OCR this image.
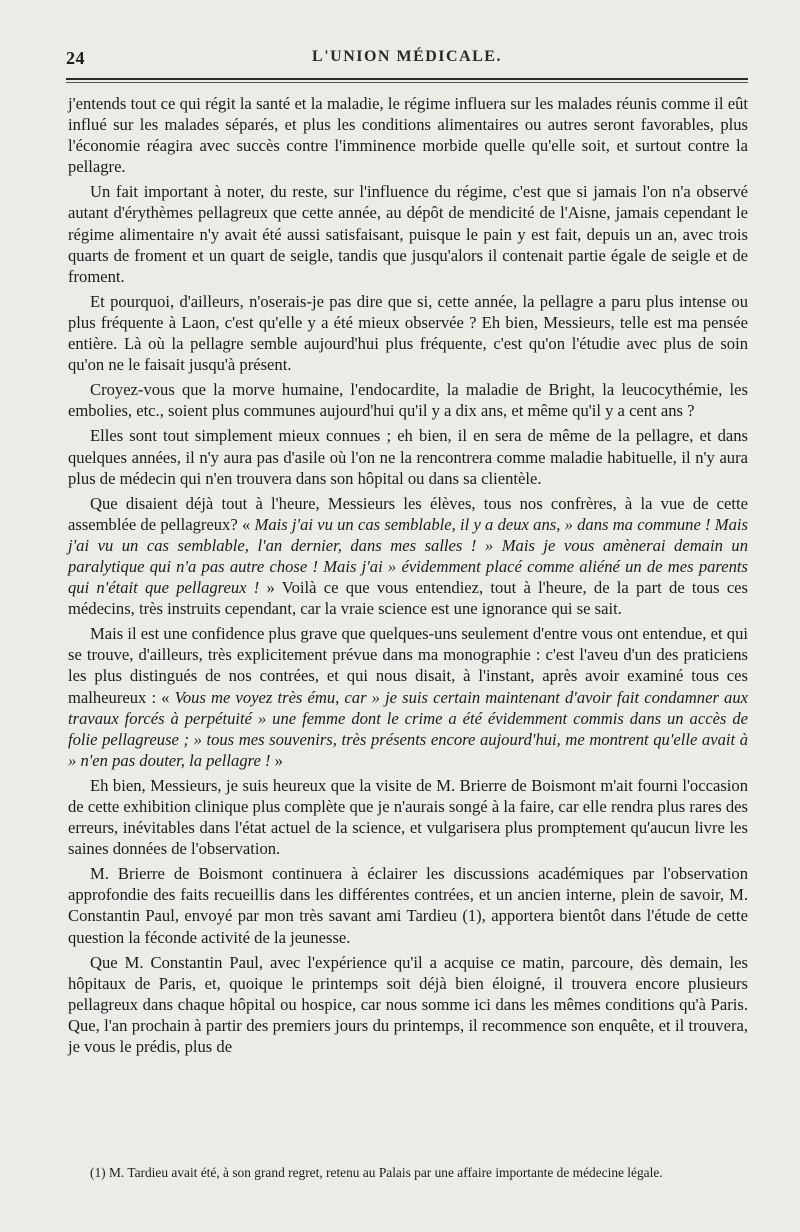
24	L'UNION MÉDICALE.

j'entends tout ce qui régit la santé et la maladie, le régime influera sur les malades réunis comme il eût influé sur les malades séparés, et plus les conditions alimentaires ou autres seront favorables, plus l'économie réagira avec succès contre l'imminence morbide quelle qu'elle soit, et surtout contre la pellagre.

Un fait important à noter, du reste, sur l'influence du régime, c'est que si jamais l'on n'a observé autant d'érythèmes pellagreux que cette année, au dépôt de mendicité de l'Aisne, jamais cependant le régime alimentaire n'y avait été aussi satisfaisant, puisque le pain y est fait, depuis un an, avec trois quarts de froment et un quart de seigle, tandis que jusqu'alors il contenait partie égale de seigle et de froment.

Et pourquoi, d'ailleurs, n'oserais-je pas dire que si, cette année, la pellagre a paru plus intense ou plus fréquente à Laon, c'est qu'elle y a été mieux observée ? Eh bien, Messieurs, telle est ma pensée entière. Là où la pellagre semble aujourd'hui plus fréquente, c'est qu'on l'étudie avec plus de soin qu'on ne le faisait jusqu'à présent.

Croyez-vous que la morve humaine, l'endocardite, la maladie de Bright, la leucocythémie, les embolies, etc., soient plus communes aujourd'hui qu'il y a dix ans, et même qu'il y a cent ans ?

Elles sont tout simplement mieux connues ; eh bien, il en sera de même de la pellagre, et dans quelques années, il n'y aura pas d'asile où l'on ne la rencontrera comme maladie habituelle, il n'y aura plus de médecin qui n'en trouvera dans son hôpital ou dans sa clientèle.

Que disaient déjà tout à l'heure, Messieurs les élèves, tous nos confrères, à la vue de cette assemblée de pellagreux? « Mais j'ai vu un cas semblable, il y a deux ans, » dans ma commune ! Mais j'ai vu un cas semblable, l'an dernier, dans mes salles ! » Mais je vous amènerai demain un paralytique qui n'a pas autre chose ! Mais j'ai » évidemment placé comme aliéné un de mes parents qui n'était que pellagreux ! » Voilà ce que vous entendiez, tout à l'heure, de la part de tous ces médecins, très instruits cependant, car la vraie science est une ignorance qui se sait.

Mais il est une confidence plus grave que quelques-uns seulement d'entre vous ont entendue, et qui se trouve, d'ailleurs, très explicitement prévue dans ma monographie : c'est l'aveu d'un des praticiens les plus distingués de nos contrées, et qui nous disait, à l'instant, après avoir examiné tous ces malheureux : « Vous me voyez très ému, car » je suis certain maintenant d'avoir fait condamner aux travaux forcés à perpétuité » une femme dont le crime a été évidemment commis dans un accès de folie pellagreuse ; » tous mes souvenirs, très présents encore aujourd'hui, me montrent qu'elle avait à » n'en pas douter, la pellagre ! »

Eh bien, Messieurs, je suis heureux que la visite de M. Brierre de Boismont m'ait fourni l'occasion de cette exhibition clinique plus complète que je n'aurais songé à la faire, car elle rendra plus rares des erreurs, inévitables dans l'état actuel de la science, et vulgarisera plus promptement qu'aucun livre les saines données de l'observation.

M. Brierre de Boismont continuera à éclairer les discussions académiques par l'observation approfondie des faits recueillis dans les différentes contrées, et un ancien interne, plein de savoir, M. Constantin Paul, envoyé par mon très savant ami Tardieu (1), apportera bientôt dans l'étude de cette question la féconde activité de la jeunesse.

Que M. Constantin Paul, avec l'expérience qu'il a acquise ce matin, parcoure, dès demain, les hôpitaux de Paris, et, quoique le printemps soit déjà bien éloigné, il trouvera encore plusieurs pellagreux dans chaque hôpital ou hospice, car nous somme ici dans les mêmes conditions qu'à Paris. Que, l'an prochain à partir des premiers jours du printemps, il recommence son enquête, et il trouvera, je vous le prédis, plus de

(1) M. Tardieu avait été, à son grand regret, retenu au Palais par une affaire importante de médecine légale.
